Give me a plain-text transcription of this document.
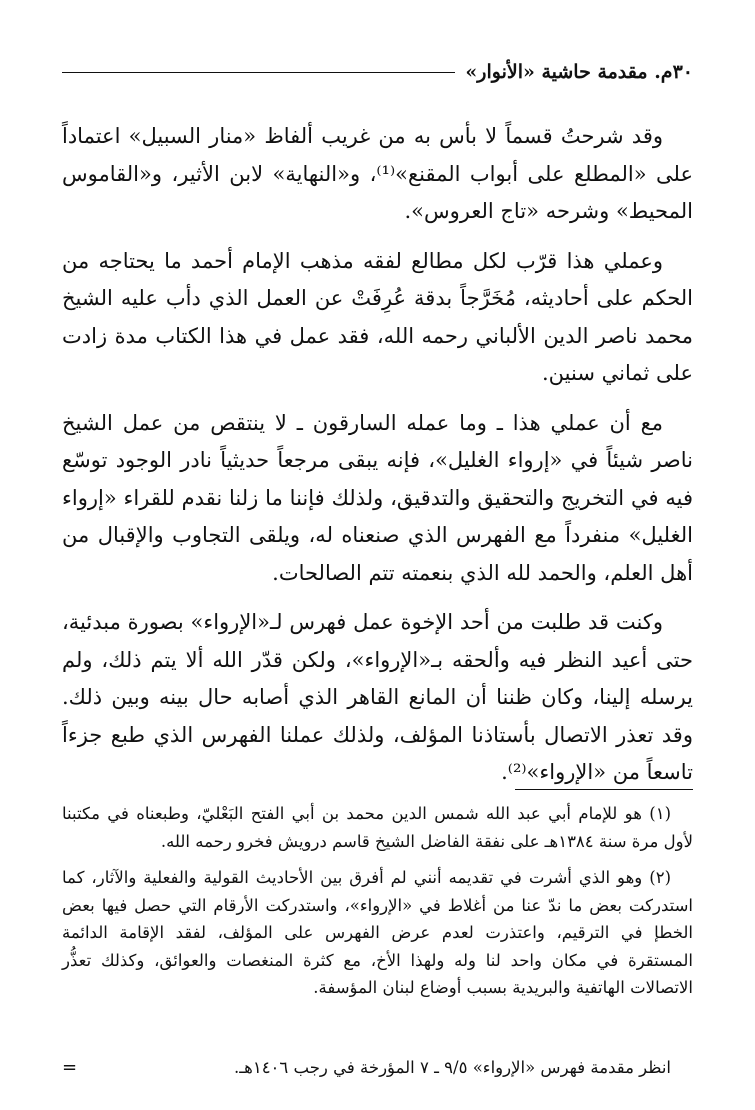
٣٠م. مقدمة حاشية «الأنوار»

وقد شرحتُ قسماً لا بأس به من غريب ألفاظ «منار السبيل» اعتماداً على «المطلع على أبواب المقنع»⁽¹⁾، و«النهاية» لابن الأثير، و«القاموس المحيط» وشرحه «تاج العروس».

وعملي هذا قرّب لكل مطالع لفقه مذهب الإمام أحمد ما يحتاجه من الحكم على أحاديثه، مُخَرَّجاً بدقة عُرِفَتْ عن العمل الذي دأب عليه الشيخ محمد ناصر الدين الألباني رحمه الله، فقد عمل في هذا الكتاب مدة زادت على ثماني سنين.

مع أن عملي هذا ـ وما عمله السارقون ـ لا ينتقص من عمل الشيخ ناصر شيئاً في «إرواء الغليل»، فإنه يبقى مرجعاً حديثياً نادر الوجود توسّع فيه في التخريج والتحقيق والتدقيق، ولذلك فإننا ما زلنا نقدم للقراء «إرواء الغليل» منفرداً مع الفهرس الذي صنعناه له، ويلقى التجاوب والإقبال من أهل العلم، والحمد لله الذي بنعمته تتم الصالحات.

وكنت قد طلبت من أحد الإخوة عمل فهرس لـ«الإرواء» بصورة مبدئية، حتى أعيد النظر فيه وألحقه بـ«الإرواء»، ولكن قدّر الله ألا يتم ذلك، ولم يرسله إلينا، وكان ظننا أن المانع القاهر الذي أصابه حال بينه وبين ذلك. وقد تعذر الاتصال بأستاذنا المؤلف، ولذلك عملنا الفهرس الذي طبع جزءاً تاسعاً من «الإرواء»⁽²⁾.

(١) هو للإمام أبي عبد الله شمس الدين محمد بن أبي الفتح البَعْليّ، وطبعناه في مكتبنا لأول مرة سنة ١٣٨٤هـ على نفقة الفاضل الشيخ قاسم درويش فخرو رحمه الله.

(٢) وهو الذي أشرت في تقديمه أنني لم أفرق بين الأحاديث القولية والفعلية والآثار، كما استدركت بعض ما ندّ عنا من أغلاط في «الإرواء»، واستدركت الأرقام التي حصل فيها بعض الخطإ في الترقيم، واعتذرت لعدم عرض الفهرس على المؤلف، لفقد الإقامة الدائمة المستقرة في مكان واحد لنا وله ولهذا الأخ، مع كثرة المنغصات والعوائق، وكذلك تعذُّر الاتصالات الهاتفية والبريدية بسبب أوضاع لبنان المؤسفة.

انظر مقدمة فهرس «الإرواء» ٩/٥ ـ ٧ المؤرخة في رجب ١٤٠٦هـ.
=
